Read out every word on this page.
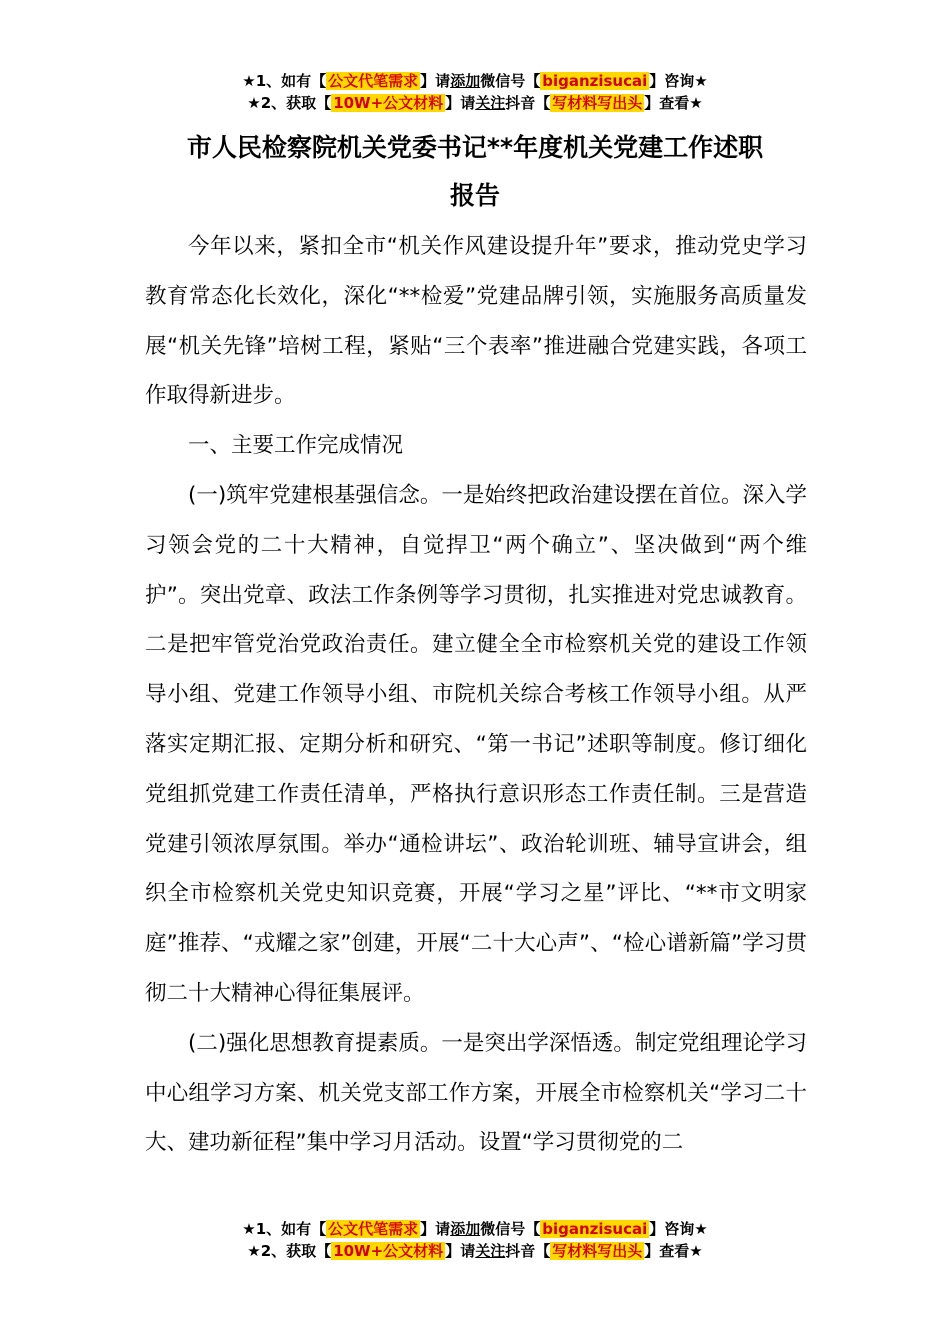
★1、如有【 公文代笔需求 】请添加微信号【 biganzisucai 】咨询★
★2、获取【 10W+公文材料 】请关注抖音【 写材料写出头 】查看★
市人民检察院机关党委书记**年度机关党建工作述职
报告

今年以来，紧扣全市“机关作风建设提升年”要求，推动党史学习教育常态化长效化，深化“**检爱”党建品牌引领，实施服务高质量发展“机关先锋”培树工程，紧贴“三个表率”推进融合党建实践，各项工作取得新进步。

一、主要工作完成情况

(一)筑牢党建根基强信念。一是始终把政治建设摆在首位。深入学习领会党的二十大精神，自觉捍卫“两个确立”、坚决做到“两个维护”。突出党章、政法工作条例等学习贯彻，扎实推进对党忠诚教育。二是把牢管党治党政治责任。建立健全全市检察机关党的建设工作领导小组、党建工作领导小组、市院机关综合考核工作领导小组。从严落实定期汇报、定期分析和研究、“第一书记”述职等制度。修订细化党组抓党建工作责任清单，严格执行意识形态工作责任制。三是营造党建引领浓厚氛围。举办“通检讲坛”、政治轮训班、辅导宣讲会，组织全市检察机关党史知识竞赛，开展“学习之星”评比、“**市文明家庭”推荐、“戎耀之家”创建，开展“二十大心声”、“检心谱新篇”学习贯彻二十大精神心得征集展评。

(二)强化思想教育提素质。一是突出学深悟透。制定党组理论学习中心组学习方案、机关党支部工作方案，开展全市检察机关“学习二十大、建功新征程”集中学习月活动。设置“学习贯彻党的二

★1、如有【 公文代笔需求 】请添加微信号【 biganzisucai 】咨询★
★2、获取【 10W+公文材料 】请关注抖音【 写材料写出头 】查看★
